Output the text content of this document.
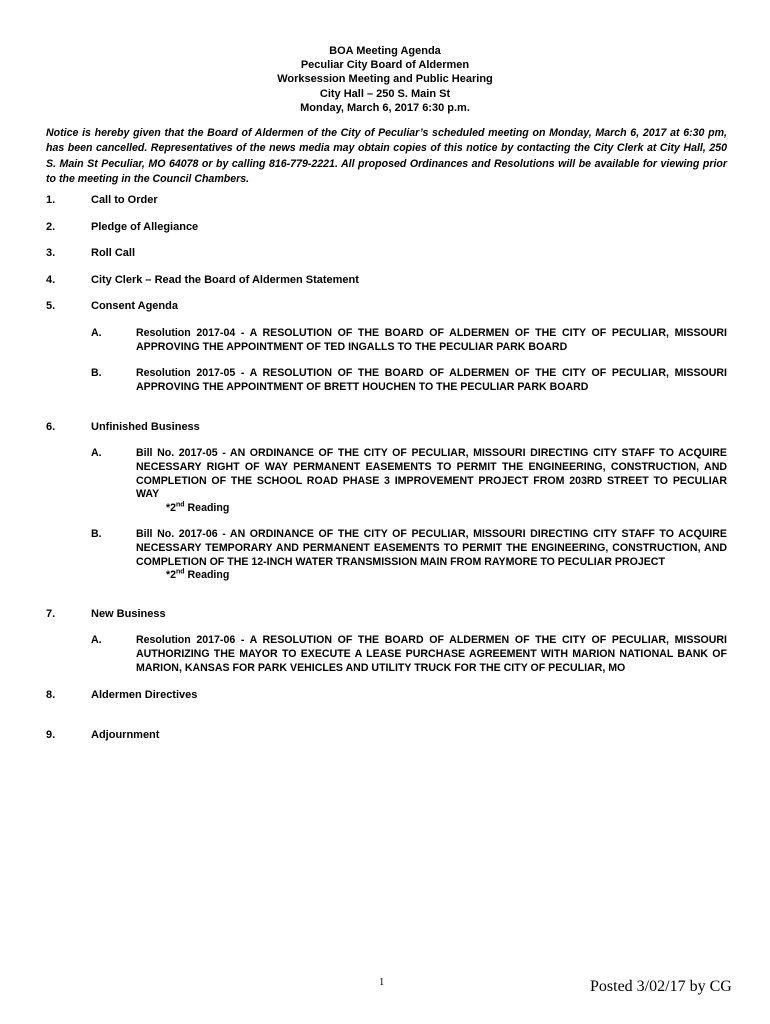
BOA Meeting Agenda
Peculiar City Board of Aldermen
Worksession Meeting and Public Hearing
City Hall – 250 S. Main St
Monday, March 6, 2017 6:30 p.m.

Notice is hereby given that the Board of Aldermen of the City of Peculiar’s scheduled meeting on Monday, March 6, 2017 at 6:30 pm, has been cancelled. Representatives of the news media may obtain copies of this notice by contacting the City Clerk at City Hall, 250 S. Main St Peculiar, MO 64078 or by calling 816-779-2221. All proposed Ordinances and Resolutions will be available for viewing prior to the meeting in the Council Chambers.

1.	Call to Order
2.	Pledge of Allegiance
3.	Roll Call
4.	City Clerk – Read the Board of Aldermen Statement
5.	Consent Agenda
A.	Resolution 2017-04 - A RESOLUTION OF THE BOARD OF ALDERMEN OF THE CITY OF PECULIAR, MISSOURI APPROVING THE APPOINTMENT OF TED INGALLS TO THE PECULIAR PARK BOARD

B.	Resolution 2017-05 - A RESOLUTION OF THE BOARD OF ALDERMEN OF THE CITY OF PECULIAR, MISSOURI APPROVING THE APPOINTMENT OF BRETT HOUCHEN TO THE PECULIAR PARK BOARD

6.	Unfinished Business
A.	Bill No. 2017-05 - AN ORDINANCE OF THE CITY OF PECULIAR, MISSOURI DIRECTING CITY STAFF TO ACQUIRE NECESSARY RIGHT OF WAY PERMANENT EASEMENTS TO PERMIT THE ENGINEERING, CONSTRUCTION, AND COMPLETION OF THE SCHOOL ROAD PHASE 3 IMPROVEMENT PROJECT FROM 203RD STREET TO PECULIAR WAY

*2nd Reading
B.	Bill No. 2017-06 - AN ORDINANCE OF THE CITY OF PECULIAR, MISSOURI DIRECTING CITY STAFF TO ACQUIRE NECESSARY TEMPORARY AND PERMANENT EASEMENTS TO PERMIT THE ENGINEERING, CONSTRUCTION, AND COMPLETION OF THE 12-INCH WATER TRANSMISSION MAIN FROM RAYMORE TO PECULIAR PROJECT

*2nd Reading
7.	New Business
A.	Resolution 2017-06 - A RESOLUTION OF THE BOARD OF ALDERMEN OF THE CITY OF PECULIAR, MISSOURI AUTHORIZING THE MAYOR TO EXECUTE A LEASE PURCHASE AGREEMENT WITH MARION NATIONAL BANK OF MARION, KANSAS FOR PARK VEHICLES AND UTILITY TRUCK FOR THE CITY OF PECULIAR, MO

8.	Aldermen Directives
9.	Adjournment
1	Posted 3/02/17 by CG
